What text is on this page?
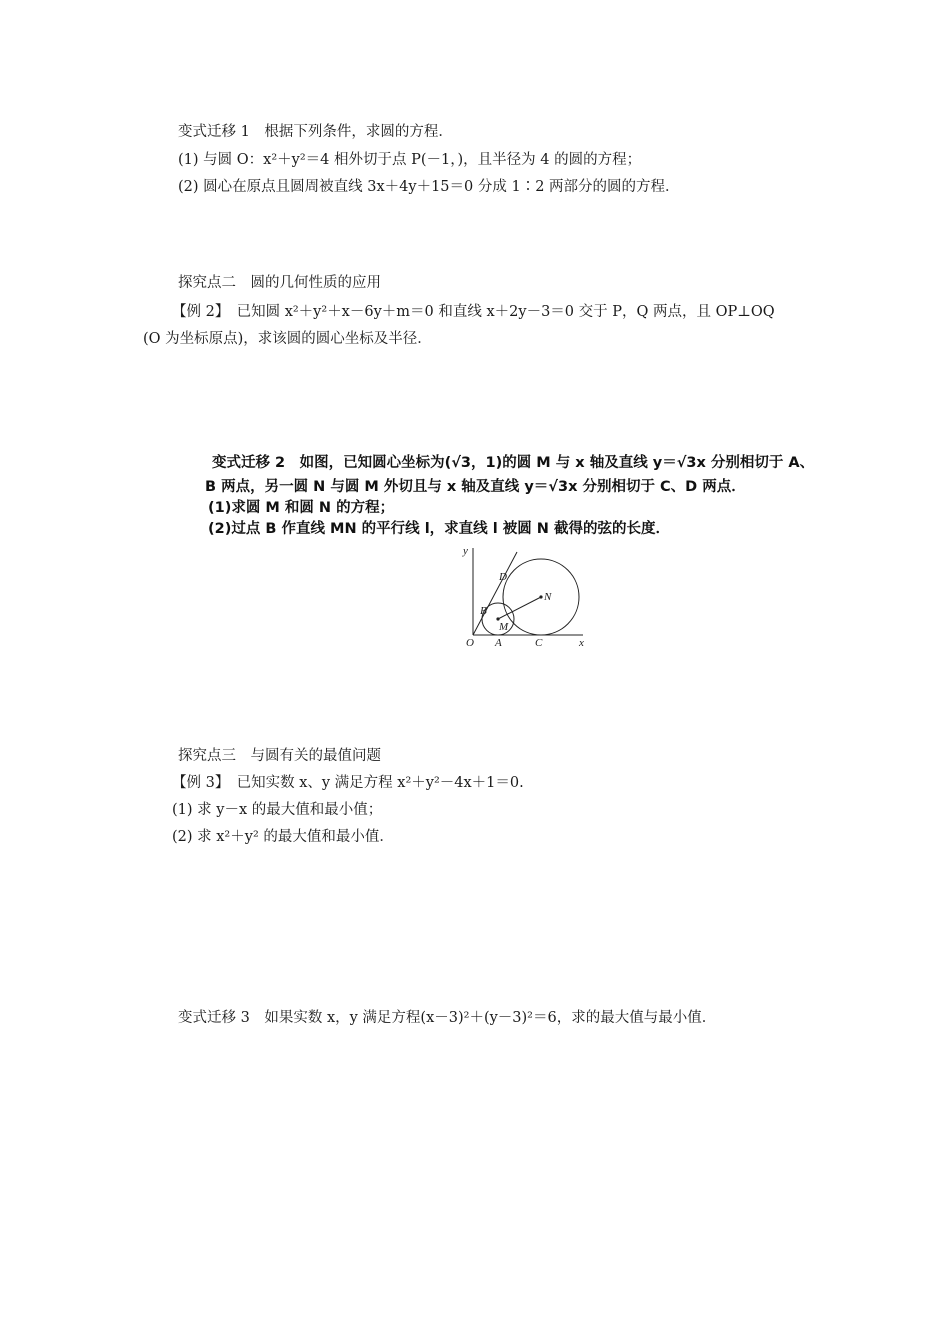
变式迁移 1　根据下列条件，求圆的方程．
(1) 与圆 O：x²＋y²＝4 相外切于点 P(－1，)，且半径为 4 的圆的方程；
(2) 圆心在原点且圆周被直线 3x＋4y＋15＝0 分成 1∶2 两部分的圆的方程．
探究点二　圆的几何性质的应用
【例 2】　已知圆 x²＋y²＋x－6y＋m＝0 和直线 x＋2y－3＝0 交于 P，Q 两点，且 OP⊥OQ
(O 为坐标原点)，求该圆的圆心坐标及半径．
变式迁移 2　如图，已知圆心坐标为(√3，1)的圆 M 与 x 轴及直线 y＝√3x 分别相切于 A、
B 两点，另一圆 N 与圆 M 外切且与 x 轴及直线 y＝√3x 分别相切于 C、D 两点．
(1)求圆 M 和圆 N 的方程；
(2)过点 B 作直线 MN 的平行线 l，求直线 l 被圆 N 截得的弦的长度．
y
x
O A	C
B
D
M
N
探究点三　与圆有关的最值问题
【例 3】　已知实数 x、y 满足方程 x²＋y²－4x＋1＝0.
(1) 求 y－x 的最大值和最小值；
(2) 求 x²＋y² 的最大值和最小值．
变式迁移 3　如果实数 x，y 满足方程(x－3)²＋(y－3)²＝6，求的最大值与最小值．
